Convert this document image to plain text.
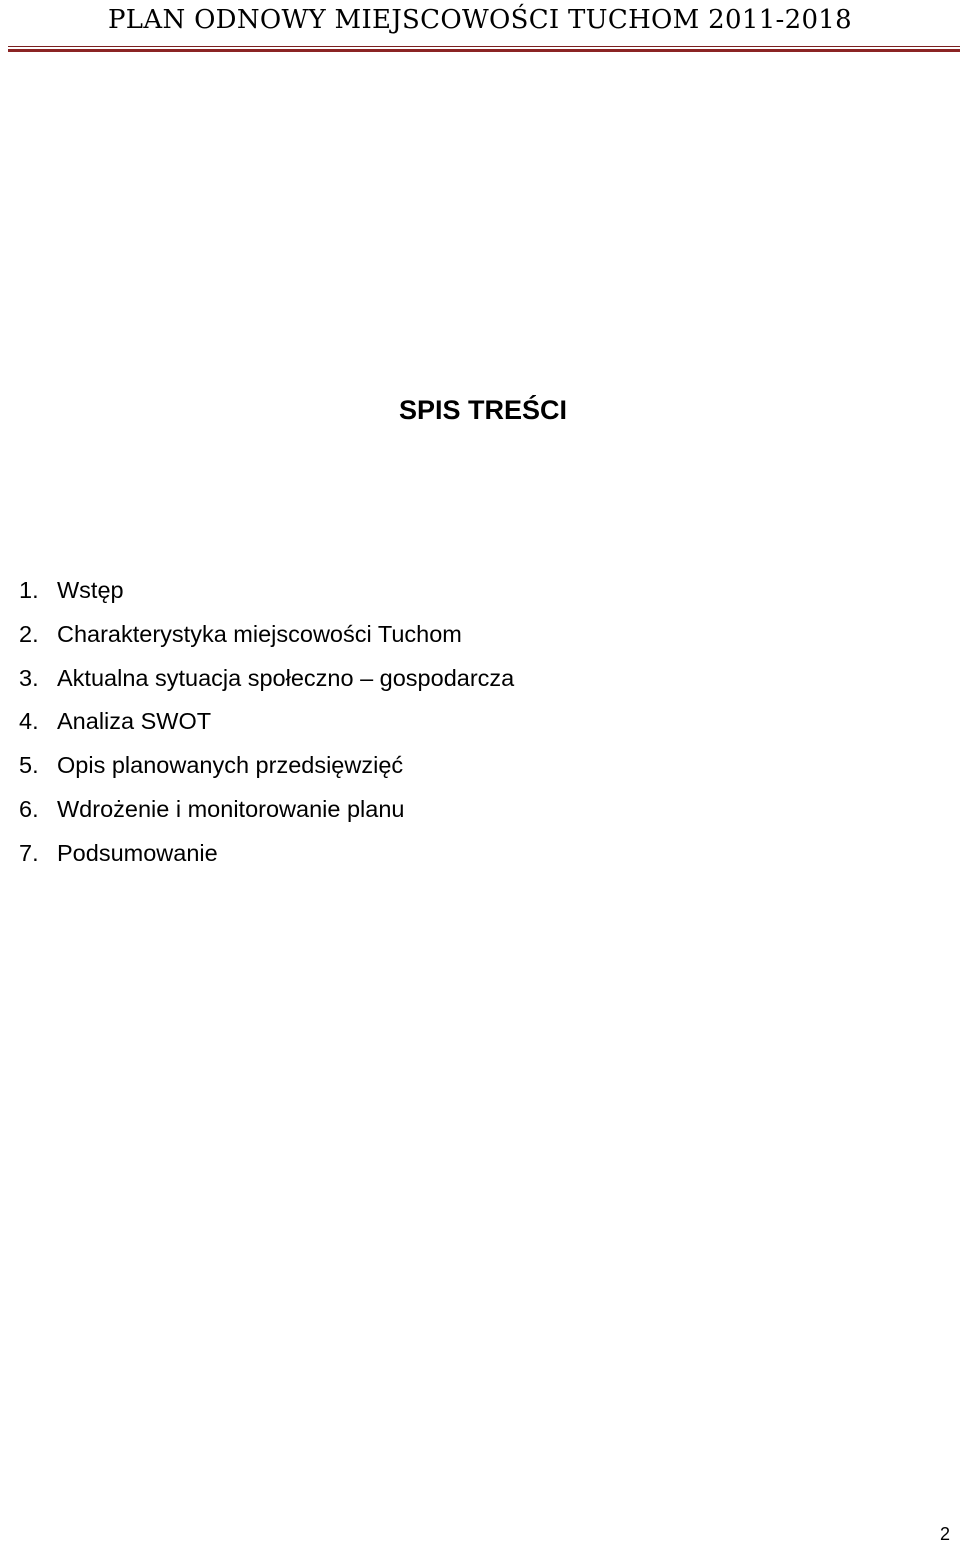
PLAN ODNOWY MIEJSCOWOŚCI TUCHOM 2011-2018
SPIS TREŚCI
1. Wstęp
2. Charakterystyka miejscowości Tuchom
3. Aktualna sytuacja społeczno – gospodarcza
4. Analiza SWOT
5. Opis planowanych przedsięwzięć
6. Wdrożenie i monitorowanie planu
7. Podsumowanie
2
